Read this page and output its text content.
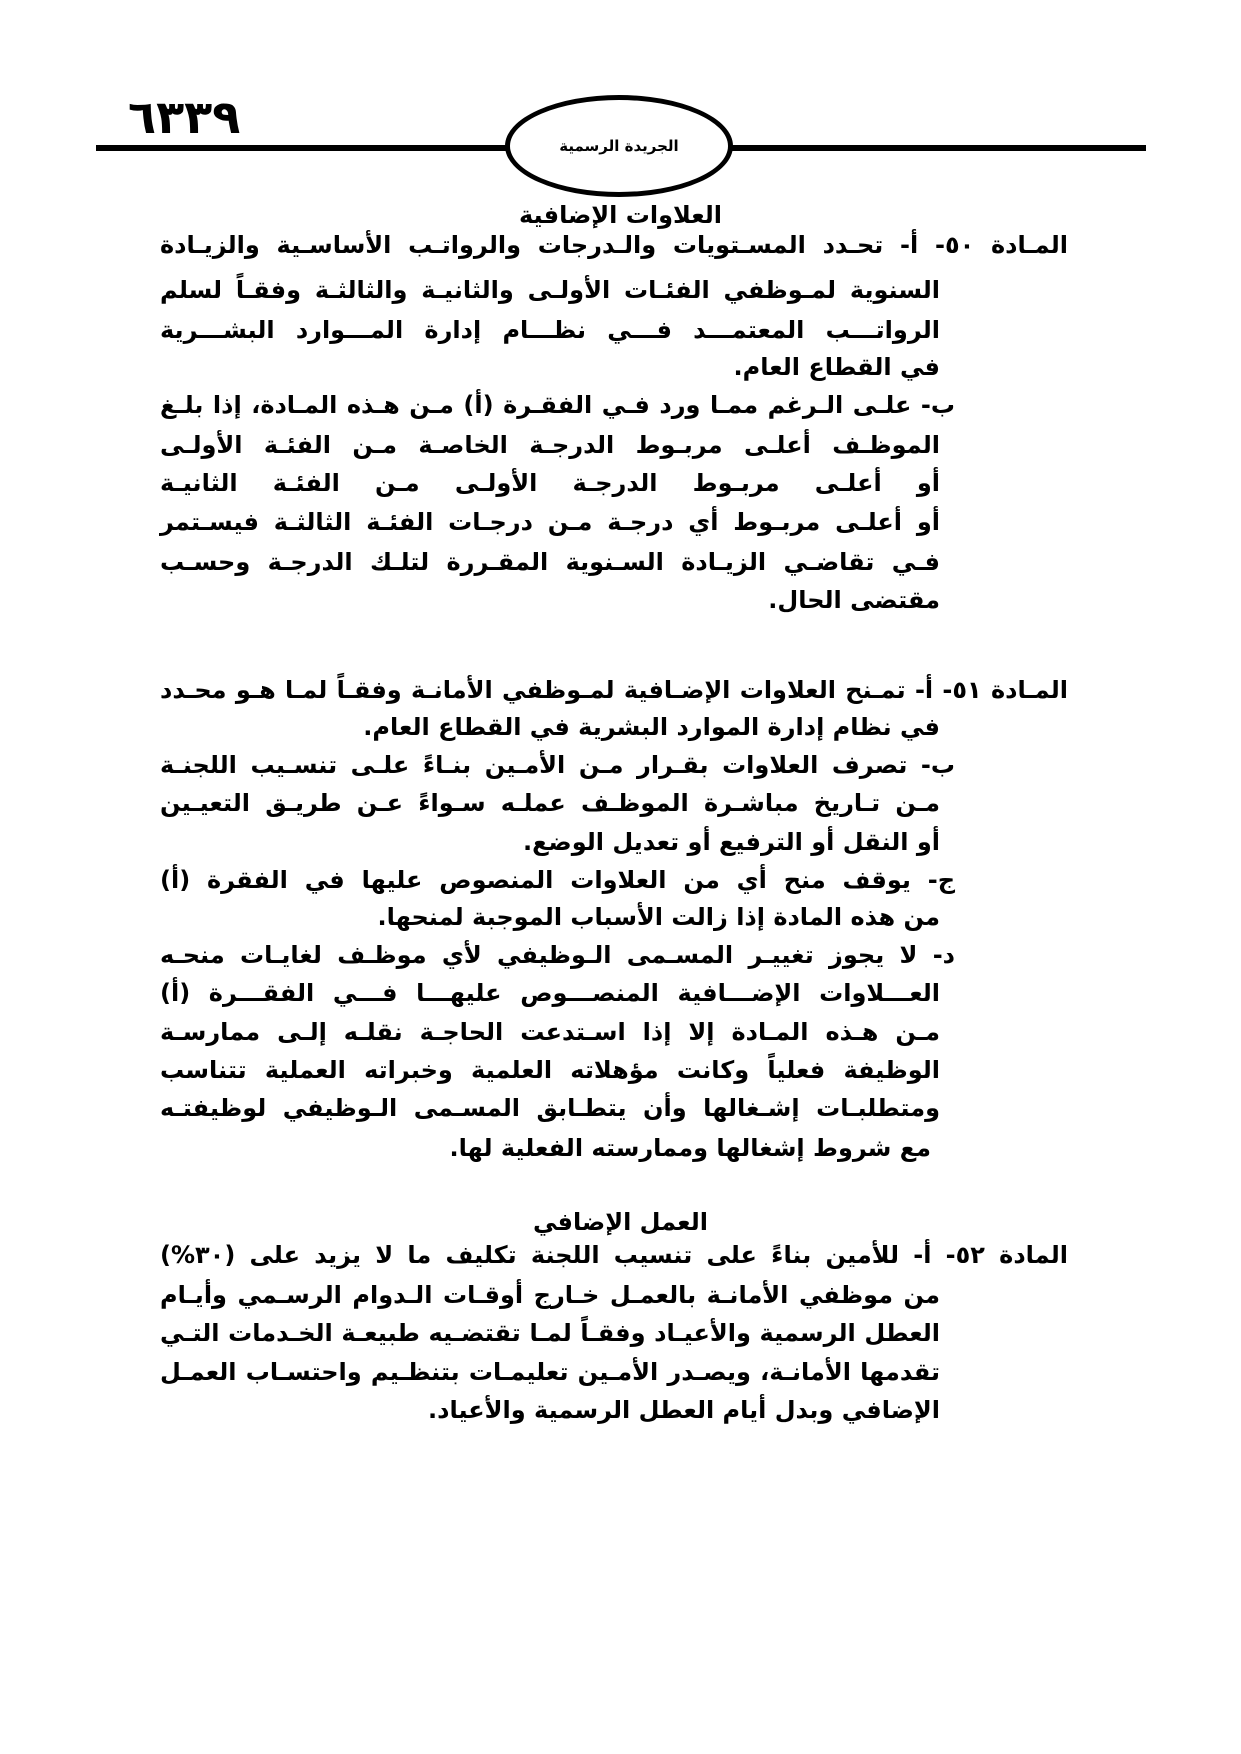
٦٣٣٩
الجريدة الرسمية
العلاوات الإضافية
المـادة ٥٠- أ- تحـدد المسـتويات والـدرجات والرواتـب الأساسـية والزيـادة
السنوية لمـوظفي الفئـات الأولـى والثانيـة والثالثـة وفقـاً لسلم
الرواتـــب المعتمـــد فـــي نظـــام إدارة المـــوارد البشـــرية
في القطاع العام.
ب- علـى الـرغم ممـا ورد فـي الفقـرة (أ) مـن هـذه المـادة، إذا بلـغ
الموظـف أعلـى مربـوط الدرجـة الخاصـة مـن الفئـة الأولـى
أو أعلـى مربـوط الدرجـة الأولـى مـن الفئـة الثانيـة
أو أعلـى مربـوط أي درجـة مـن درجـات الفئـة الثالثـة فيسـتمر
فـي تقاضـي الزيـادة السـنوية المقـررة لتلـك الدرجـة وحسـب
مقتضى الحال.
المـادة ٥١- أ- تمـنح العلاوات الإضـافية لمـوظفي الأمانـة وفقـاً لمـا هـو محـدد
في نظام إدارة الموارد البشرية في القطاع العام.
ب- تصرف العلاوات بقـرار مـن الأمـين بنـاءً علـى تنسـيب اللجنـة
مـن تـاريخ مباشـرة الموظـف عملـه سـواءً عـن طريـق التعيـين
أو النقل أو الترفيع أو تعديل الوضع.
ج- يوقف منح أي من العلاوات المنصوص عليها في الفقرة (أ)
من هذه المادة إذا زالت الأسباب الموجبة لمنحها.
د- لا يجوز تغييـر المسـمى الـوظيفي لأي موظـف لغايـات منحـه
العـــلاوات الإضـــافية المنصـــوص عليهـــا فـــي الفقـــرة (أ)
مـن هـذه المـادة إلا إذا اسـتدعت الحاجـة نقلـه إلـى ممارسـة
الوظيفة فعلياً وكانت مؤهلاته العلمية وخبراته العملية تتناسب
ومتطلبـات إشـغالها وأن يتطـابق المسـمى الـوظيفي لوظيفتـه
مع شروط إشغالها وممارسته الفعلية لها.
العمل الإضافي
المادة ٥٢- أ- للأمين بناءً على تنسيب اللجنة تكليف ما لا يزيد على (٣٠%)
من موظفي الأمانـة بالعمـل خـارج أوقـات الـدوام الرسـمي وأيـام
العطل الرسمية والأعيـاد وفقـاً لمـا تقتضـيه طبيعـة الخـدمات التـي
تقدمها الأمانـة، ويصـدر الأمـين تعليمـات بتنظـيم واحتسـاب العمـل
الإضافي وبدل أيام العطل الرسمية والأعياد.
